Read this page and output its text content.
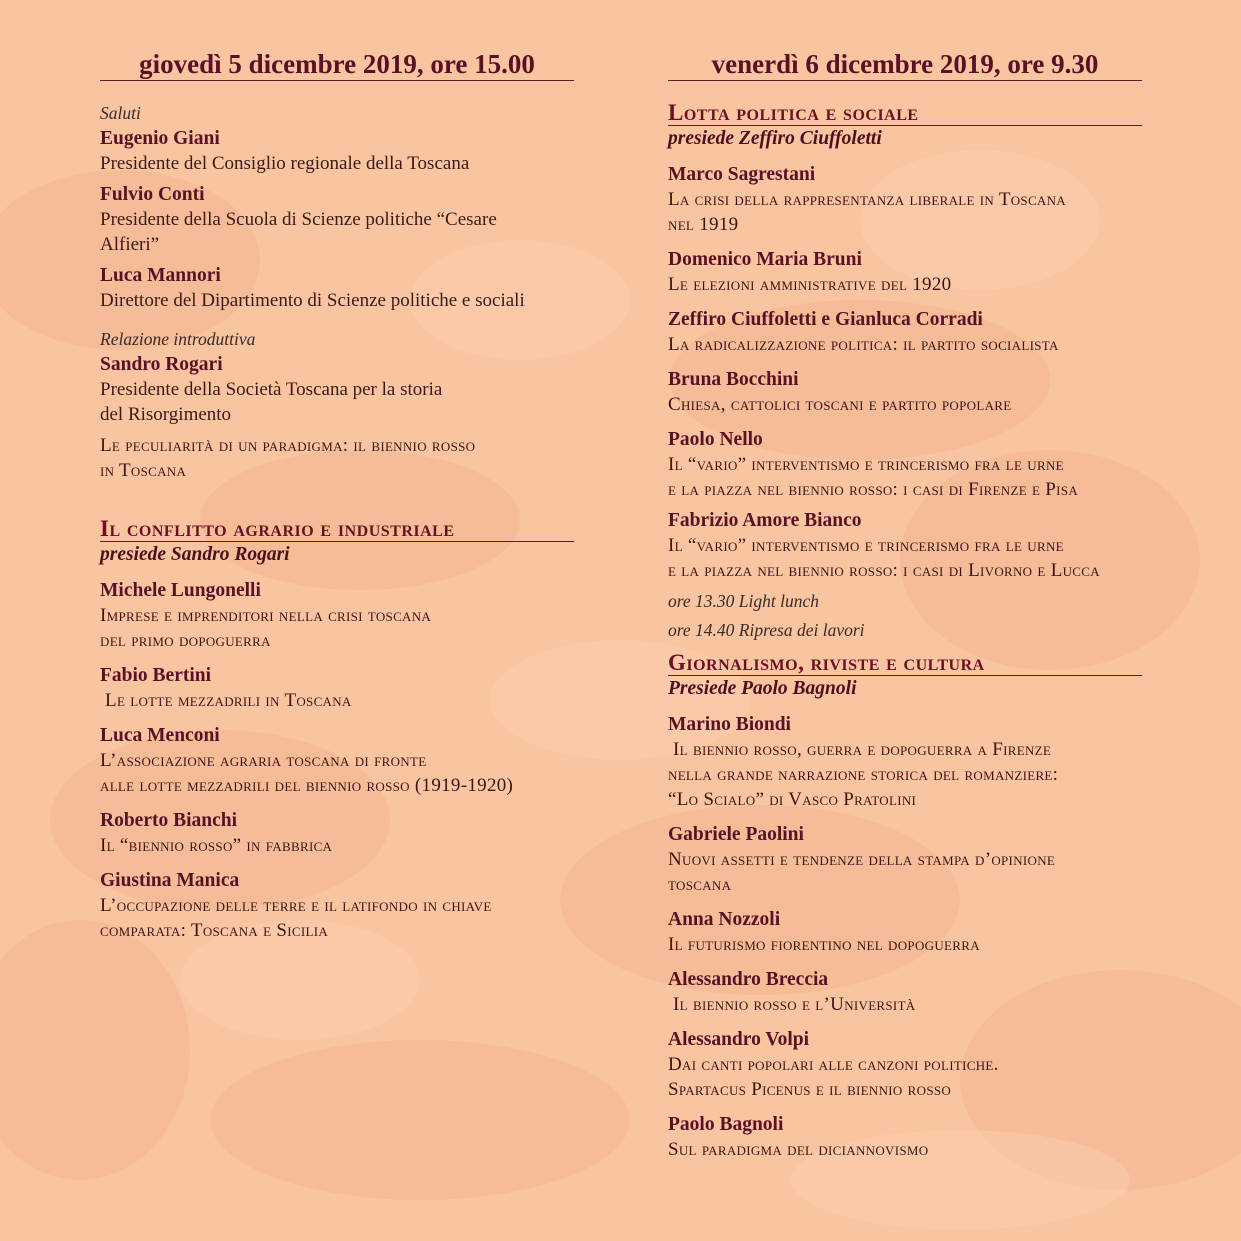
giovedì 5 dicembre 2019, ore 15.00
Saluti
Eugenio Giani
Presidente del Consiglio regionale della Toscana
Fulvio Conti
Presidente della Scuola di Scienze politiche “Cesare Alfieri”
Luca Mannori
Direttore del Dipartimento di Scienze politiche e sociali
Relazione introduttiva
Sandro Rogari
Presidente della Società Toscana per la storia
del Risorgimento
Le peculiarità di un paradigma: il biennio rosso
in Toscana
Il conflitto agrario e industriale
presiede Sandro Rogari
Michele Lungonelli
Imprese e imprenditori nella crisi toscana
del primo dopoguerra
Fabio Bertini
Le lotte mezzadrili in Toscana
Luca Menconi
L’associazione agraria toscana di fronte
alle lotte mezzadrili del biennio rosso (1919-1920)
Roberto Bianchi
Il “biennio rosso” in fabbrica
Giustina Manica
L’occupazione delle terre e il latifondo in chiave
comparata: Toscana e Sicilia
venerdì 6 dicembre 2019, ore 9.30
Lotta politica e sociale
presiede Zeffiro Ciuffoletti
Marco Sagrestani
La crisi della rappresentanza liberale in Toscana
nel 1919
Domenico Maria Bruni
Le elezioni amministrative del 1920
Zeffiro Ciuffoletti e Gianluca Corradi
La radicalizzazione politica: il partito socialista
Bruna Bocchini
Chiesa, cattolici toscani e partito popolare
Paolo Nello
Il “vario” interventismo e trincerismo fra le urne
e la piazza nel biennio rosso: i casi di Firenze e Pisa
Fabrizio Amore Bianco
Il “vario” interventismo e trincerismo fra le urne
e la piazza nel biennio rosso: i casi di Livorno e Lucca
ore 13.30 Light lunch
ore 14.40 Ripresa dei lavori
Giornalismo, riviste e cultura
Presiede Paolo Bagnoli
Marino Biondi
Il biennio rosso, guerra e dopoguerra a Firenze
nella grande narrazione storica del romanziere:
“Lo Scialo” di Vasco Pratolini
Gabriele Paolini
Nuovi assetti e tendenze della stampa d’opinione
toscana
Anna Nozzoli
Il futurismo fiorentino nel dopoguerra
Alessandro Breccia
Il biennio rosso e l’Università
Alessandro Volpi
Dai canti popolari alle canzoni politiche.
Spartacus Picenus e il biennio rosso
Paolo Bagnoli
Sul paradigma del diciannovismo
